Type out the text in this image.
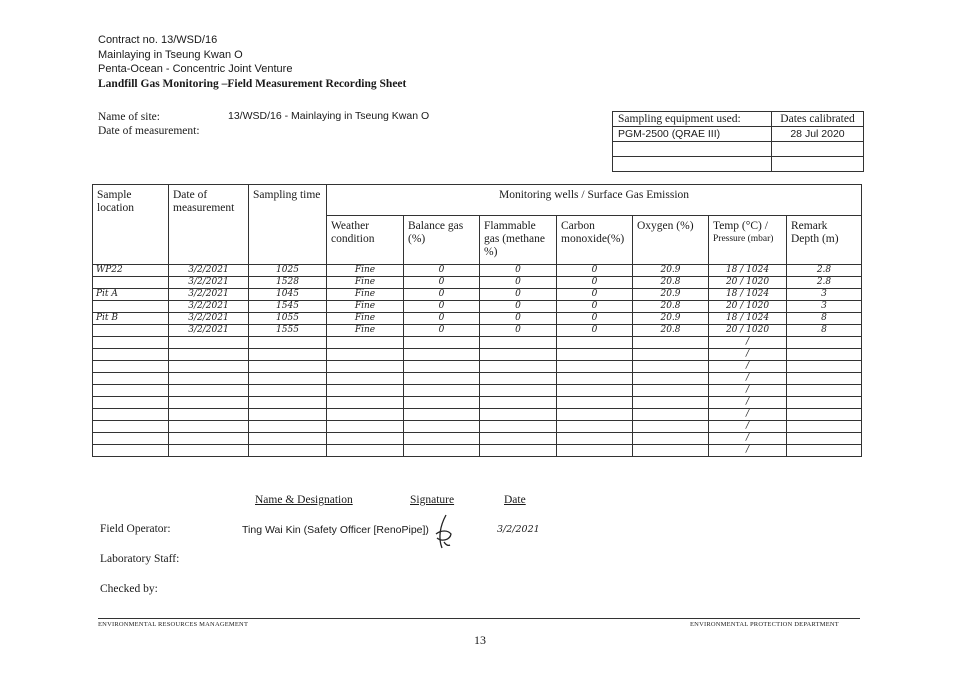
Contract no. 13/WSD/16
Mainlaying in Tseung Kwan O
Penta-Ocean - Concentric Joint Venture
Landfill Gas Monitoring –Field Measurement Recording Sheet
Name of site:
Date of measurement:
13/WSD/16 - Mainlaying in Tseung Kwan O	Sampling equipment used:	Dates calibrated
PGM-2500 (QRAE III)	28 Jul 2020

Sample location	Date of measurement	Sampling time	Monitoring wells / Surface Gas Emission						
			Weather condition	Balance gas (%)	Flammable gas (methane %)	Carbon monoxide(%)	Oxygen (%)	Temp (°C) /
Pressure (mbar)	Remark Depth (m)
WP22	3/2/2021	1025	Fine	0	0	0	20.9	18 / 1024	2.8
	3/2/2021	1528	Fine	0	0	0	20.8	20 / 1020	2.8
Pit A	3/2/2021	1045	Fine	0	0	0	20.9	18 / 1024	3
	3/2/2021	1545	Fine	0	0	0	20.8	20 / 1020	3
Pit B	3/2/2021	1055	Fine	0	0	0	20.9	18 / 1024	8
	3/2/2021	1555	Fine	0	0	0	20.8	20 / 1020	8
								/	
								/	
								/	
								/	
								/	
								/	
								/	
								/	
								/	
								/	
Name & Designation	Signature	Date
Field Operator:	Ting Wai Kin (Safety Officer [RenoPipe])	3/2/2021
Laboratory Staff:
Checked by:
ENVIRONMENTAL RESOURCES MANAGEMENT	ENVIRONMENTAL PROTECTION DEPARTMENT
13
